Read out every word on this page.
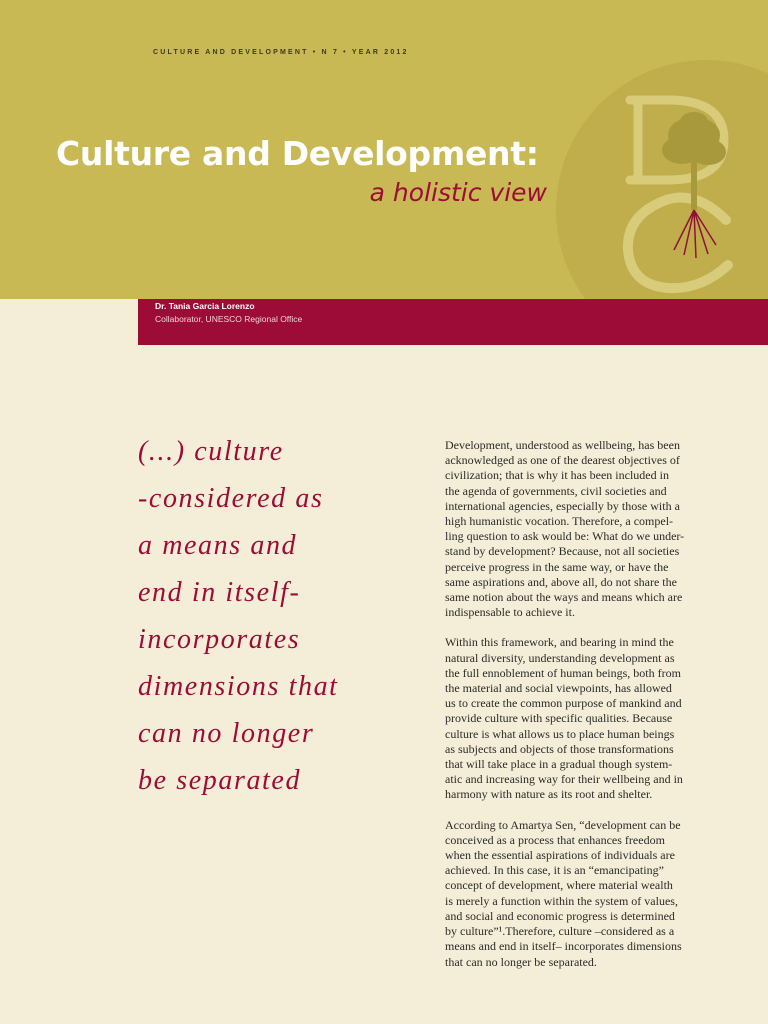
CULTURE AND DEVELOPMENT • N 7 • YEAR 2012
Culture and Development:
a holistic view
Dr. Tania Garcia Lorenzo
Collaborator, UNESCO Regional Office
(...) culture
-considered as
a means and
end in itself-
incorporates
dimensions that
can no longer
be separated

Development, understood as wellbeing, has been
acknowledged as one of the dearest objectives of
civilization; that is why it has been included in
the agenda of governments, civil societies and
international agencies, especially by those with a
high humanistic vocation. Therefore, a compel-
ling question to ask would be: What do we under-
stand by development? Because, not all societies
perceive progress in the same way, or have the
same aspirations and, above all, do not share the
same notion about the ways and means which are
indispensable to achieve it.

Within this framework, and bearing in mind the
natural diversity, understanding development as
the full ennoblement of human beings, both from
the material and social viewpoints, has allowed
us to create the common purpose of mankind and
provide culture with specific qualities. Because
culture is what allows us to place human beings
as subjects and objects of those transformations
that will take place in a gradual though system-
atic and increasing way for their wellbeing and in
harmony with nature as its root and shelter.

According to Amartya Sen, “development can be
conceived as a process that enhances freedom
when the essential aspirations of individuals are
achieved. In this case, it is an “emancipating”
concept of development, where material wealth
is merely a function within the system of values,
and social and economic progress is determined
by culture”¹.Therefore, culture –considered as a
means and end in itself– incorporates dimensions
that can no longer be separated.
